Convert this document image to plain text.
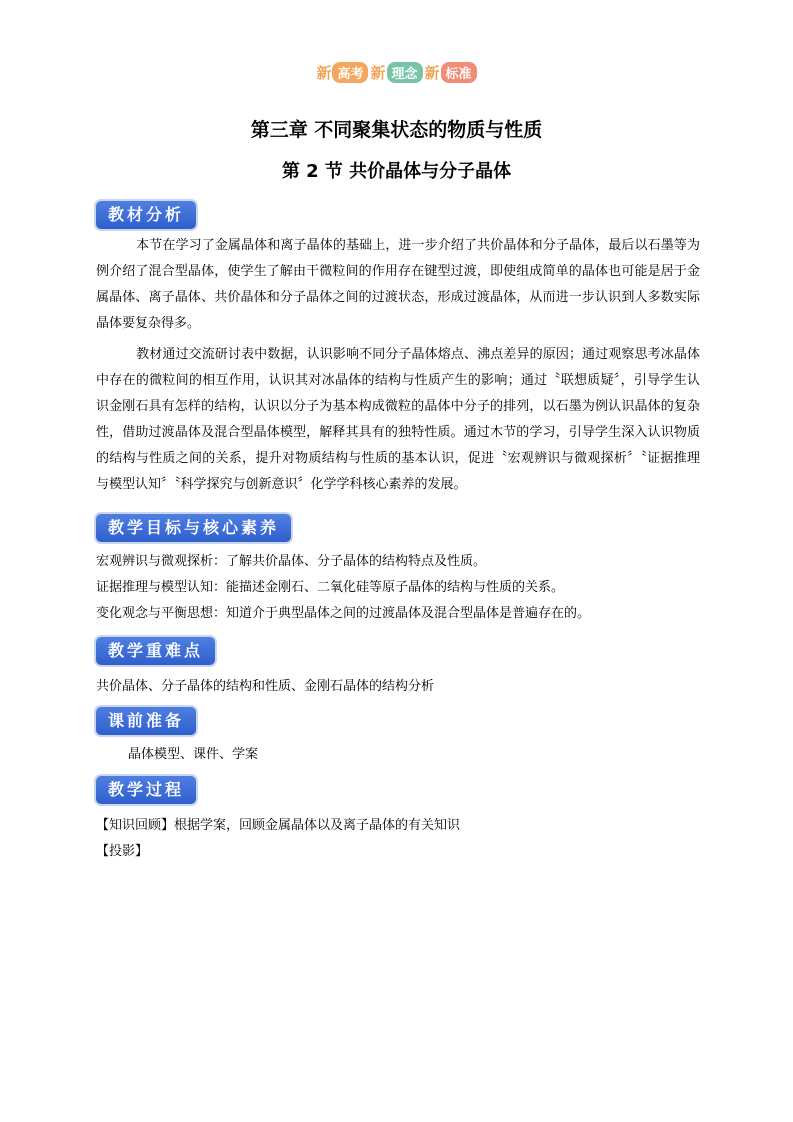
新 高考 新 理念 新 标准
第三章 不同聚集状态的物质与性质
第 2 节 共价晶体与分子晶体
教材分析
本节在学习了金属晶体和离子晶体的基础上，进一步介绍了共价晶体和分子晶体，最后以石墨等为例介绍了混合型晶体，使学生了解由干微粒间的作用存在键型过渡，即使组成简单的晶体也可能是居于金属晶体、离子晶体、共价晶体和分子晶体之间的过渡状态，形成过渡晶体，从而进一步认识到人多数实际晶体要复杂得多。
教材通过交流研讨表中数据，认识影响不同分子晶体熔点、沸点差异的原因；通过观察思考冰晶体中存在的微粒间的相互作用，认识其对冰晶体的结构与性质产生的影响；通过〝联想质疑〞，引导学生认识金刚石具有怎样的结构，认识以分子为基本构成微粒的晶体中分子的排列，以石墨为例认识晶体的复杂性，借助过渡晶体及混合型晶体模型，解释其具有的独特性质。通过木节的学习，引导学生深入认识物质的结构与性质之间的关系，提升对物质结构与性质的基本认识，促进〝宏观辨识与微观探析〞〝证据推理与模型认知〞〝科学探究与创新意识〞化学学科核心素养的发展。
教学目标与核心素养
宏观辨识与微观探析：了解共价晶体、分子晶体的结构特点及性质。
证据推理与模型认知：能描述金刚石、二氧化硅等原子晶体的结构与性质的关系。
变化观念与平衡思想：知道介于典型晶体之间的过渡晶体及混合型晶体是普遍存在的。
教学重难点
共价晶体、分子晶体的结构和性质、金刚石晶体的结构分析
课前准备
晶体模型、课件、学案
教学过程
【知识回顾】根据学案，回顾金属晶体以及离子晶体的有关知识
【投影】
